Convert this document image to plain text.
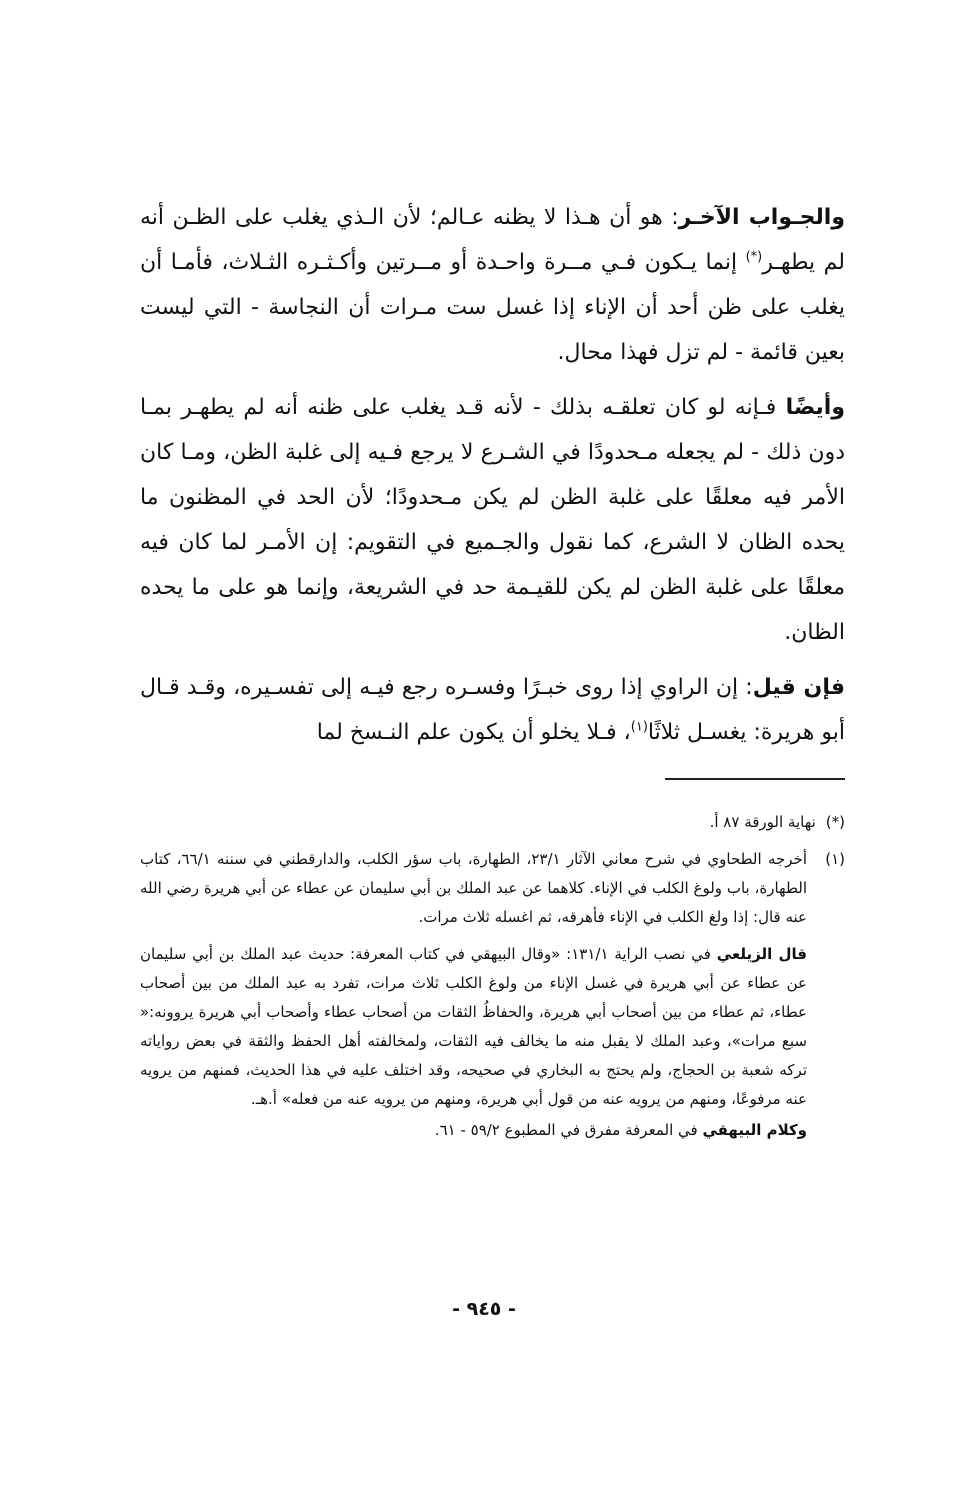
والجـواب الآخـر: هو أن هـذا لا يظنه عـالم؛ لأن الـذي يغلب على الظـن أنه لم يطهـر(*) إنما يـكون فـي مــرة واحـدة أو مــرتين وأكـثـره الثـلاث، فأمـا أن يغلب على ظن أحد أن الإناء إذا غسل ست مـرات أن النجاسة - التي ليست بعين قائمة - لم تزل فهذا محال.

وأيضًا فـإنه لو كان تعلقـه بذلك - لأنه قـد يغلب على ظنه أنه لم يطهـر بمـا دون ذلك - لم يجعله مـحدودًا في الشـرع لا يرجع فـيه إلى غلبة الظن، ومـا كان الأمر فيه معلقًا على غلبة الظن لم يكن مـحدودًا؛ لأن الحد في المظنون ما يحده الظان لا الشرع، كما نقول والجـميع في التقويم: إن الأمـر لما كان فيه معلقًا على غلبة الظن لم يكن للقيـمة حد في الشريعة، وإنما هو على ما يحده الظان.

فإن قيل: إن الراوي إذا روى خبـرًا وفسـره رجع فيـه إلى تفسـيره، وقـد قـال أبو هريرة: يغسـل ثلاثًا$^{(١)}$، فـلا يخلو أن يكون علم النـسخ لما

(*)
نهاية الورقة ٨٧ أ.
(١)
أخرجه الطحاوي في شرح معاني الآثار ٢٣/١، الطهارة، باب سؤر الكلب، والدارقطني في سننه ٦٦/١، كتاب الطهارة، باب ولوغ الكلب في الإناء. كلاهما عن عبد الملك بن أبي سليمان عن عطاء عن أبي هريرة رضي الله عنه قال: إذا ولغ الكلب في الإناء فأهرقه، ثم اغسله ثلاث مرات.
قال الزيلعي في نصب الراية ١٣١/١: «وقال البيهقي في كتاب المعرفة: حديث عبد الملك بن أبي سليمان عن عطاء عن أبي هريرة في غسل الإناء من ولوغ الكلب ثلاث مرات، تفرد به عبد الملك من بين أصحاب عطاء، ثم عطاء من بين أصحاب أبي هريرة، والحفاظُ الثقات من أصحاب عطاء وأصحاب أبي هريرة يروونه:« سبع مرات»، وعبد الملك لا يقبل منه ما يخالف فيه الثقات، ولمخالفته أهل الحفظ والثقة في بعض رواياته تركه شعبة بن الحجاج، ولم يحتج به البخاري في صحيحه، وقد اختلف عليه في هذا الحديث، فمنهم من يرويه عنه مرفوعًا، ومنهم من يرويه عنه من قول أبي هريرة، ومنهم من يرويه عنه من فعله» أ.هـ.
وكلام البيهقي في المعرفة مفرق في المطبوع ٥٩/٢ - ٦١.
- ٩٤٥ -
